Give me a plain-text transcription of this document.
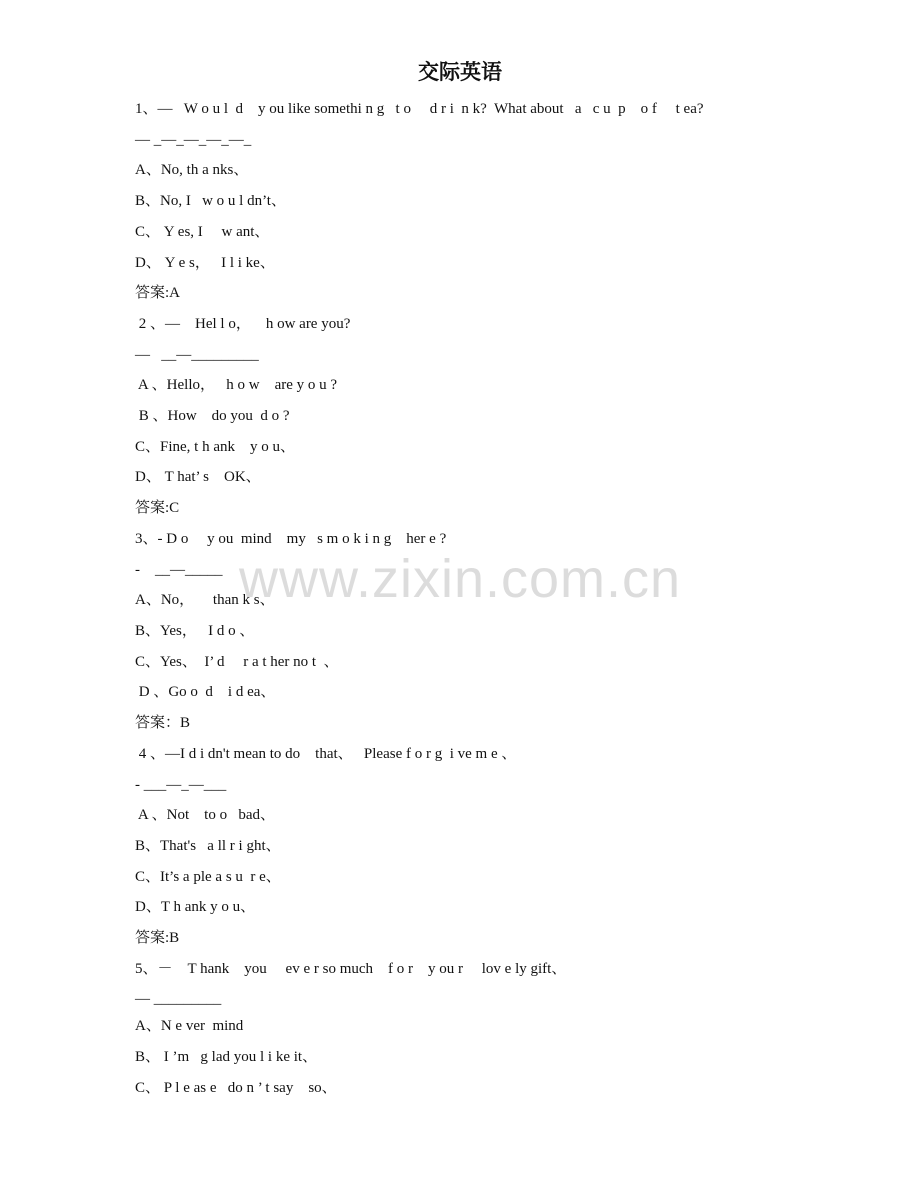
交际英语
www.zixin.com.cn
1、—   W o u l  d    y ou like somethi n g   t o     d r i  n k?  What about   a   c u  p    o f     t ea?
— _—_—_—_—_
A、No, th a nks、
B、No, I   w o u l dn’t、
C、 Y es, I     w ant、
D、 Y e s，   I l i ke、
答案:A
2 、—    Hel l o，    h ow are you?
—   __—_________
A 、Hello，   h o w    are y o u ?
B 、How    do you  d o ?
C、Fine, t h ank    y o u、
D、 T hat’ s    OK、
答案:C
3、- D o     y ou  mind    my   s m o k i n g    her e ?
-    __—_____
A、No，     than k s、
B、Yes，   I d o 、
C、Yes、  I’ d     r a t her no t  、
D 、Go o  d    i d ea、
答案：B
4 、—I d i dn't mean to do    that、   Please f o r g  i ve m e 、
- ___—_—___
A 、Not    to o   bad、
B、That's   a ll r i ght、
C、It’s a ple a s u  r e、
D、T h ank y o u、
答案:B
5、－    T hank    you     ev e r so much    f o r    y ou r     lov e ly gift、
— _________
A、N e ver  mind
B、 I ’m   g lad you l i ke it、
C、 P l e as e   do n ’ t say    so、
